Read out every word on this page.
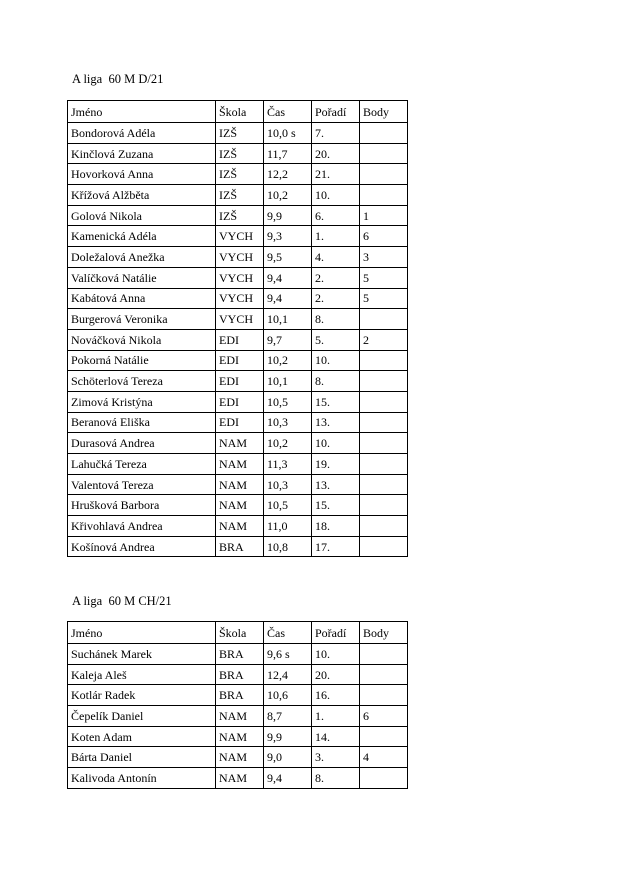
A liga  60 M D/21
Jméno	Škola	Čas	Pořadí	Body
Bondorová Adéla	IZŠ	10,0 s	7.	
Kinčlová Zuzana	IZŠ	11,7	20.	
Hovorková Anna	IZŠ	12,2	21.	
Křížová Alžběta	IZŠ	10,2	10.	
Golová Nikola	IZŠ	9,9	6.	1
Kamenická Adéla	VYCH	9,3	1.	6
Doležalová Anežka	VYCH	9,5	4.	3
Valíčková Natálie	VYCH	9,4	2.	5
Kabátová Anna	VYCH	9,4	2.	5
Burgerová Veronika	VYCH	10,1	8.	
Nováčková Nikola	EDI	9,7	5.	2
Pokorná Natálie	EDI	10,2	10.	
Schöterlová Tereza	EDI	10,1	8.	
Zimová Kristýna	EDI	10,5	15.	
Beranová Eliška	EDI	10,3	13.	
Durasová Andrea	NAM	10,2	10.	
Lahučká Tereza	NAM	11,3	19.	
Valentová Tereza	NAM	10,3	13.	
Hrušková Barbora	NAM	10,5	15.	
Křivohlavá Andrea	NAM	11,0	18.	
Košínová Andrea	BRA	10,8	17.	
A liga  60 M CH/21
Jméno	Škola	Čas	Pořadí	Body
Suchánek Marek	BRA	9,6 s	10.	
Kaleja Aleš	BRA	12,4	20.	
Kotlár Radek	BRA	10,6	16.	
Čepelík Daniel	NAM	8,7	1.	6
Koten Adam	NAM	9,9	14.	
Bárta Daniel	NAM	9,0	3.	4
Kalivoda Antonín	NAM	9,4	8.	
